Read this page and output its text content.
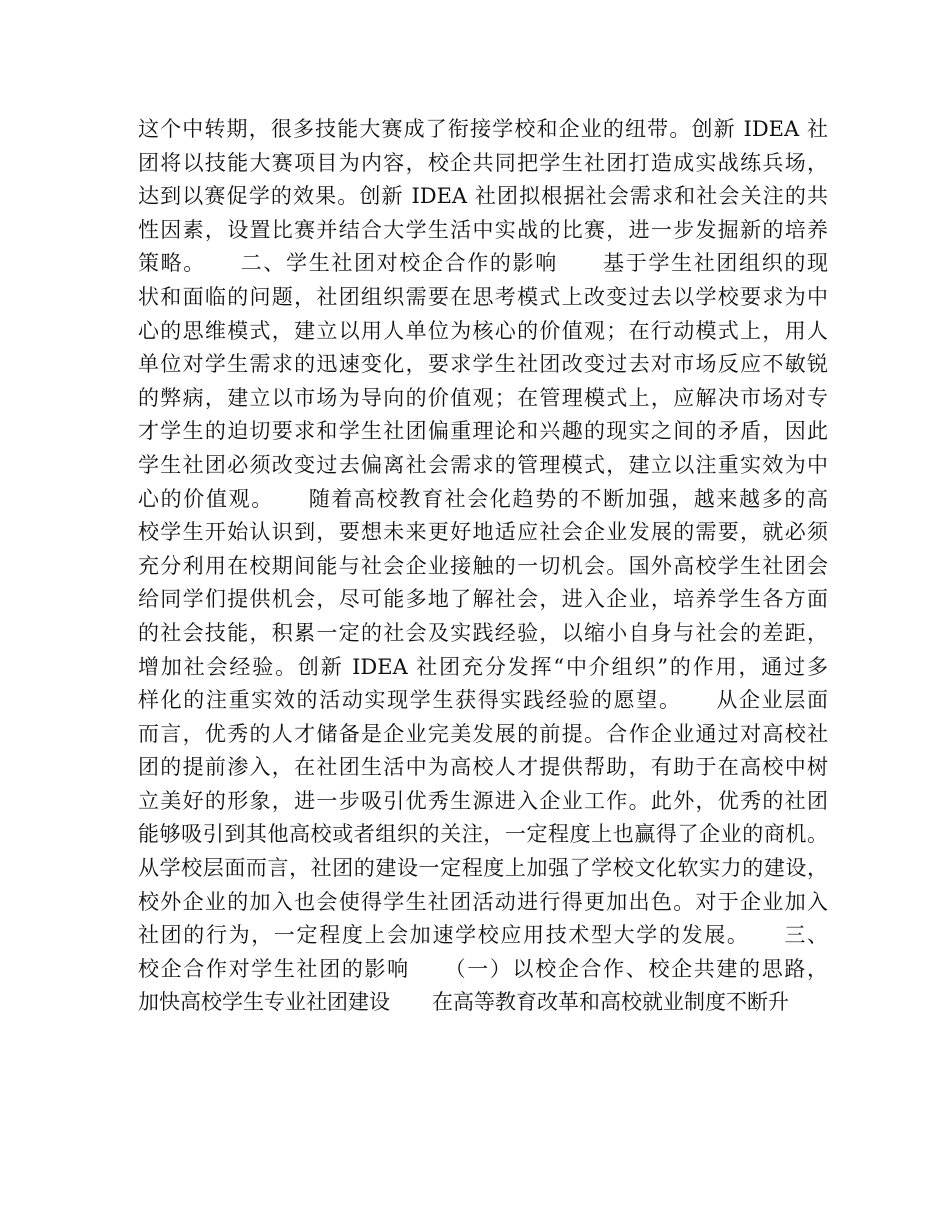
这个中转期，很多技能大赛成了衔接学校和企业的纽带。创新 IDEA 社
团将以技能大赛项目为内容，校企共同把学生社团打造成实战练兵场，
达到以赛促学的效果。创新 IDEA 社团拟根据社会需求和社会关注的共
性因素，设置比赛并结合大学生活中实战的比赛，进一步发掘新的培养
策略。　　二、学生社团对校企合作的影响　　基于学生社团组织的现
状和面临的问题，社团组织需要在思考模式上改变过去以学校要求为中
心的思维模式，建立以用人单位为核心的价值观；在行动模式上，用人
单位对学生需求的迅速变化，要求学生社团改变过去对市场反应不敏锐
的弊病，建立以市场为导向的价值观；在管理模式上，应解决市场对专
才学生的迫切要求和学生社团偏重理论和兴趣的现实之间的矛盾，因此
学生社团必须改变过去偏离社会需求的管理模式，建立以注重实效为中
心的价值观。　　随着高校教育社会化趋势的不断加强，越来越多的高
校学生开始认识到，要想未来更好地适应社会企业发展的需要，就必须
充分利用在校期间能与社会企业接触的一切机会。国外高校学生社团会
给同学们提供机会，尽可能多地了解社会，进入企业，培养学生各方面
的社会技能，积累一定的社会及实践经验，以缩小自身与社会的差距，
增加社会经验。创新 IDEA 社团充分发挥“中介组织”的作用，通过多
样化的注重实效的活动实现学生获得实践经验的愿望。　　从企业层面
而言，优秀的人才储备是企业完美发展的前提。合作企业通过对高校社
团的提前渗入，在社团生活中为高校人才提供帮助，有助于在高校中树
立美好的形象，进一步吸引优秀生源进入企业工作。此外，优秀的社团
能够吸引到其他高校或者组织的关注，一定程度上也赢得了企业的商机。
从学校层面而言，社团的建设一定程度上加强了学校文化软实力的建设，
校外企业的加入也会使得学生社团活动进行得更加出色。对于企业加入
社团的行为，一定程度上会加速学校应用技术型大学的发展。　　三、
校企合作对学生社团的影响　　（一）以校企合作、校企共建的思路，
加快高校学生专业社团建设　　在高等教育改革和高校就业制度不断升
